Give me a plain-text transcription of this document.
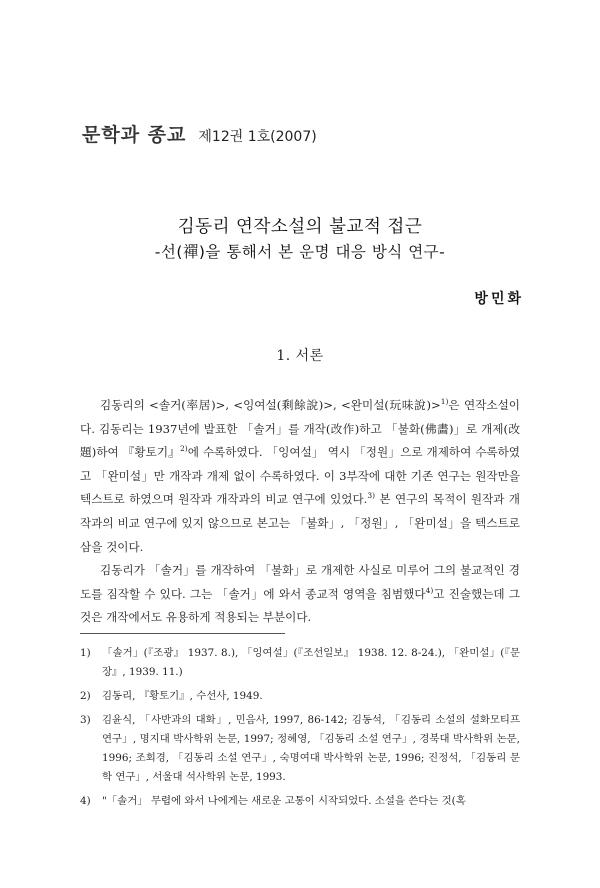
문학과 종교 제12권 1호(2007)
김동리 연작소설의 불교적 접근
-선(禪)을 통해서 본 운명 대응 방식 연구-
방민화
1. 서론

김동리의 <솔거(率居)>, <잉여설(剩餘說)>, <완미설(玩味說)>$^{1)}$은 연작소설이다. 김동리는 1937년에 발표한 「솔거」를 개작(改作)하고 「불화(佛畵)」로 개제(改題)하여 『황토기』$^{2)}$에 수록하였다. 「잉여설」 역시 「정원」으로 개제하여 수록하였고 「완미설」만 개작과 개제 없이 수록하였다. 이 3부작에 대한 기존 연구는 원작만을 텍스트로 하였으며 원작과 개작과의 비교 연구에 있었다.$^{3)}$ 본 연구의 목적이 원작과 개작과의 비교 연구에 있지 않으므로 본고는 「불화」, 「정원」, 「완미설」을 텍스트로 삼을 것이다.

김동리가 「솔거」를 개작하여 「불화」로 개제한 사실로 미루어 그의 불교적인 경도를 짐작할 수 있다. 그는 「솔거」에 와서 종교적 영역을 침범했다$^{4)}$고 진술했는데 그것은 개작에서도 유용하게 적용되는 부분이다.

1)	「솔거」(『조광』 1937. 8.), 「잉여설」(『조선일보』 1938. 12. 8-24.), 「완미설」(『문장』, 1939. 11.)
2)	김동리, 『황토기』, 수선사, 1949.
3)	김윤식, 「사반과의 대화」, 민음사, 1997, 86-142; 김동석, 「김동리 소설의 설화모티프 연구」, 명지대 박사학위 논문, 1997; 정혜영, 「김동리 소설 연구」, 경북대 박사학위 논문, 1996; 조회경, 「김동리 소설 연구」, 숙명여대 박사학위 논문, 1996; 진정석, 「김동리 문학 연구」, 서울대 석사학위 논문, 1993.
4)	"「솔거」 무렵에 와서 나에게는 새로운 고통이 시작되었다. 소설을 쓴다는 것(혹
